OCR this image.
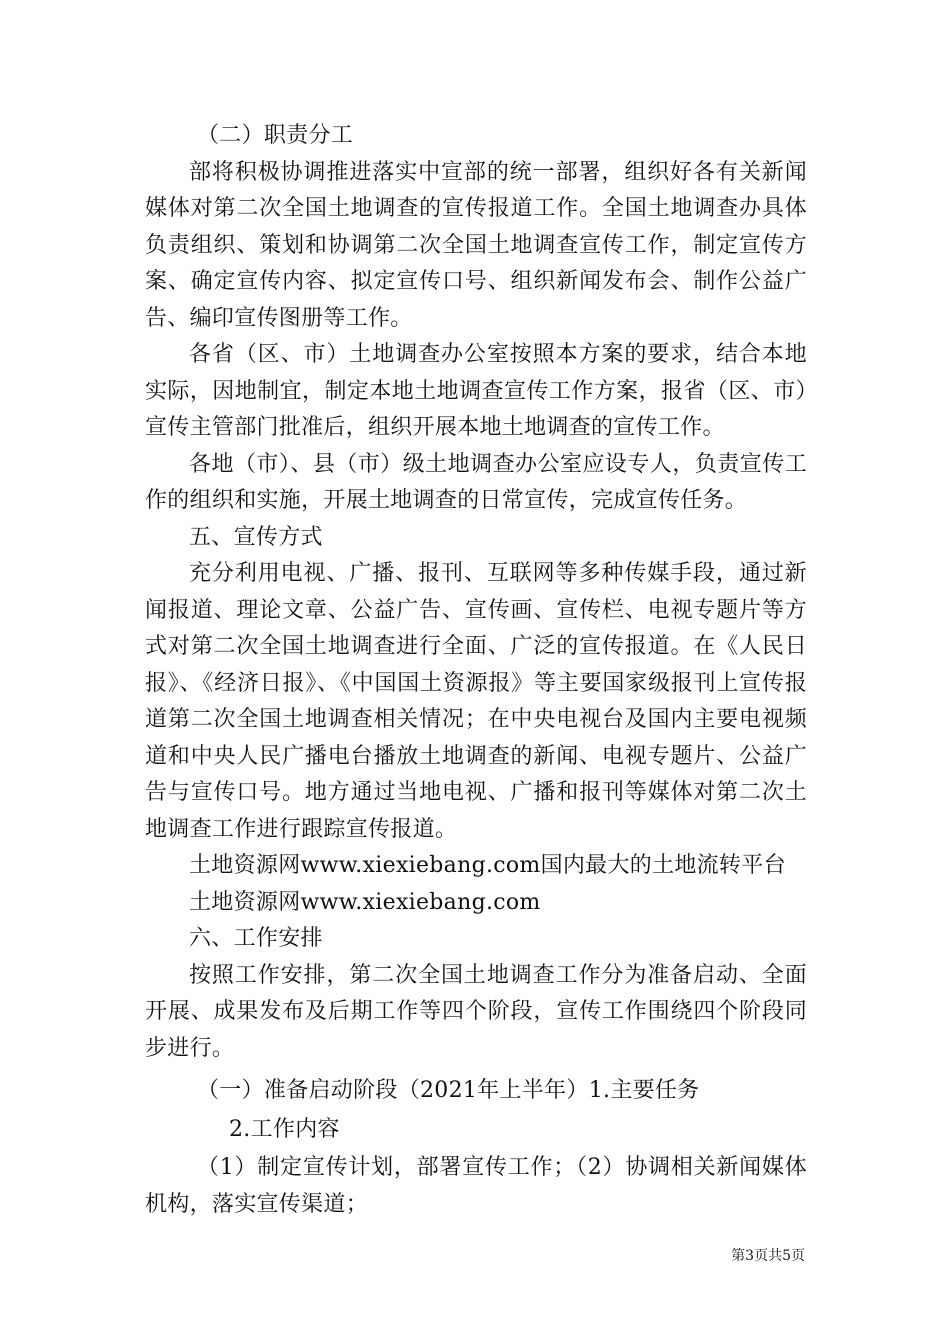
（二）职责分工

部将积极协调推进落实中宣部的统一部署，组织好各有关新闻媒体对第二次全国土地调查的宣传报道工作。全国土地调查办具体负责组织、策划和协调第二次全国土地调查宣传工作，制定宣传方案、确定宣传内容、拟定宣传口号、组织新闻发布会、制作公益广告、编印宣传图册等工作。

各省（区、市）土地调查办公室按照本方案的要求，结合本地实际，因地制宜，制定本地土地调查宣传工作方案，报省（区、市）宣传主管部门批准后，组织开展本地土地调查的宣传工作。

各地（市）、县（市）级土地调查办公室应设专人，负责宣传工作的组织和实施，开展土地调查的日常宣传，完成宣传任务。

五、宣传方式

充分利用电视、广播、报刊、互联网等多种传媒手段，通过新闻报道、理论文章、公益广告、宣传画、宣传栏、电视专题片等方式对第二次全国土地调查进行全面、广泛的宣传报道。在《人民日报》、《经济日报》、《中国国土资源报》等主要国家级报刊上宣传报道第二次全国土地调查相关情况；在中央电视台及国内主要电视频道和中央人民广播电台播放土地调查的新闻、电视专题片、公益广告与宣传口号。地方通过当地电视、广播和报刊等媒体对第二次土地调查工作进行跟踪宣传报道。

土地资源网www.xiexiebang.com国内最大的土地流转平台

土地资源网www.xiexiebang.com

六、工作安排

按照工作安排，第二次全国土地调查工作分为准备启动、全面开展、成果发布及后期工作等四个阶段，宣传工作围绕四个阶段同步进行。

（一）准备启动阶段（2021年上半年）1.主要任务

2.工作内容

（1）制定宣传计划，部署宣传工作；（2）协调相关新闻媒体机构，落实宣传渠道；

第3页共5页
